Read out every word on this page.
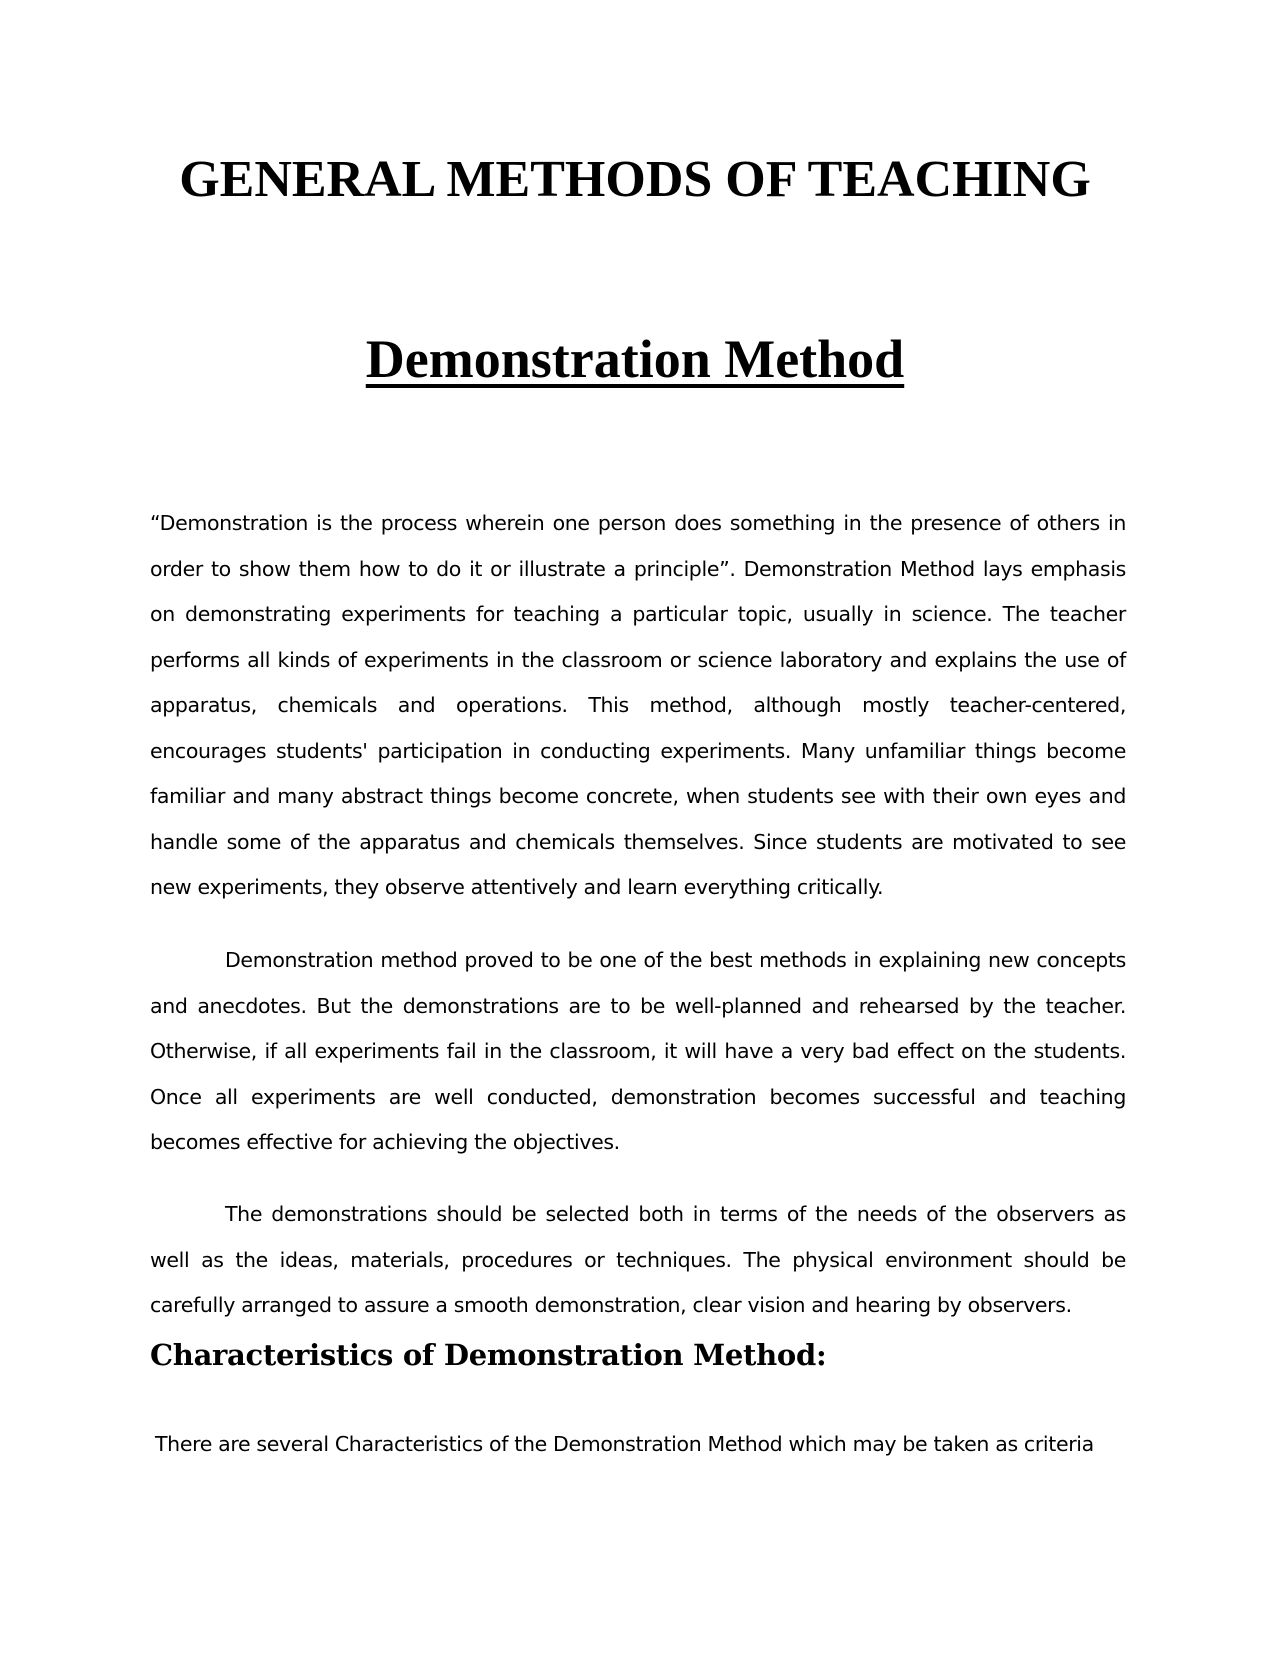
GENERAL METHODS OF TEACHING
Demonstration Method

“Demonstration is the process wherein one person does something in the presence of others in order to show them how to do it or illustrate a principle”. Demonstration Method lays emphasis on demonstrating experiments for teaching a particular topic, usually in science. The teacher performs all kinds of experiments in the classroom or science laboratory and explains the use of apparatus, chemicals and operations. This method, although mostly teacher-centered, encourages students' participation in conducting experiments. Many unfamiliar things become familiar and many abstract things become concrete, when students see with their own eyes and handle some of the apparatus and chemicals themselves. Since students are motivated to see new experiments, they observe attentively and learn everything critically.

Demonstration method proved to be one of the best methods in explaining new concepts and anecdotes. But the demonstrations are to be well-planned and rehearsed by the teacher. Otherwise, if all experiments fail in the classroom, it will have a very bad effect on the students. Once all experiments are well conducted, demonstration becomes successful and teaching becomes effective for achieving the objectives.

The demonstrations should be selected both in terms of the needs of the observers as well as the ideas, materials, procedures or techniques. The physical environment should be carefully arranged to assure a smooth demonstration, clear vision and hearing by observers.

Characteristics of Demonstration Method:

There are several Characteristics of the Demonstration Method which may be taken as criteria
